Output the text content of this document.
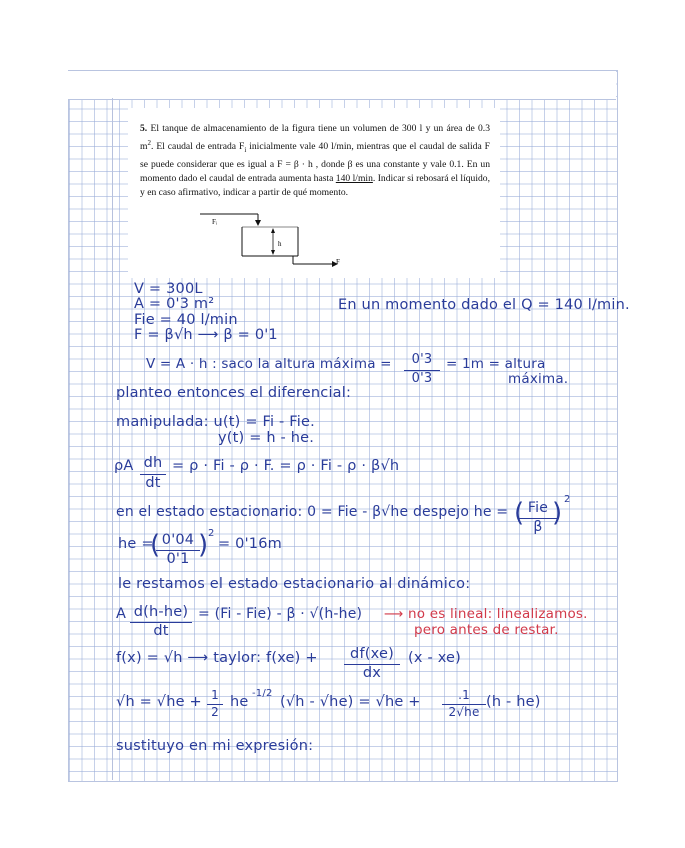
5. El tanque de almacenamiento de la figura tiene un volumen de 300 l y un área de 0.3 $m^2$. El caudal de entrada $F_i$ inicialmente vale 40 l/min, mientras que el caudal de salida F se puede considerar que es igual a F = β · h , donde β es una constante y vale 0.1. En un momento dado el caudal de entrada aumenta hasta 140 l/min. Indicar si rebosará el líquido, y en caso afirmativo, indicar a partir de qué momento.

Fᵢ
h
F
V = 300L
A = 0'3 m²
Fie = 40 l/min
F = β√h ⟶ β = 0'1
En un momento dado el Q = 140 l/min.
V = A · h : saco la altura máxima =	0'3
0'3
= 1m = altura
máxima.
planteo entonces el diferencial:
manipulada: u(t) = Fi - Fie.
y(t) = h - he.
ρA dh
dt
= ρ · Fi - ρ · F. = ρ · Fi - ρ · β√h
en el estado estacionario: 0 = Fie - β√he despejo he =	Fie
β
( ) 2
he = 0'04
0'1
( ) 2
= 0'16m
le restamos el estado estacionario al dinámico:
A d(h-he)
dt
= (Fi - Fie) - β · √(h-he) ⟶ no es lineal: linealizamos.
pero antes de restar.
f(x) = √h ⟶ taylor: f(xe) + df(xe)
dx
(x - xe)
√h = √he + 1
2
he
-1/2
(√h - √he) = √he +	.1
2√he
(h - he)
sustituyo en mi expresión:
